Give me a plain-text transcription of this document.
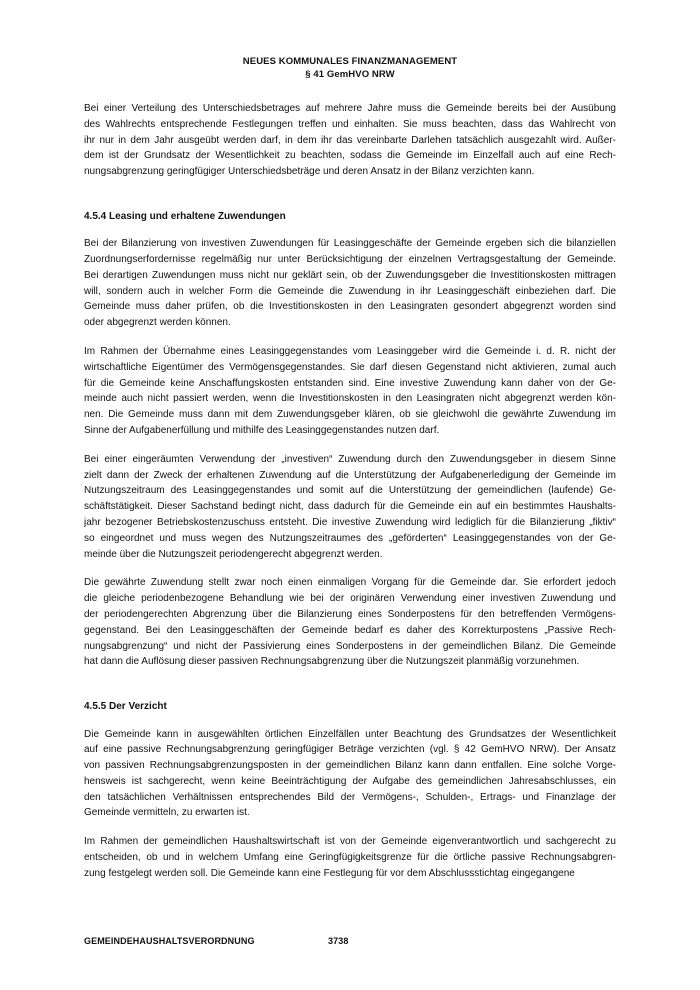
NEUES KOMMUNALES FINANZMANAGEMENT
§ 41 GemHVO NRW
Bei einer Verteilung des Unterschiedsbetrages auf mehrere Jahre muss die Gemeinde bereits bei der Ausübung
des Wahlrechts entsprechende Festlegungen treffen und einhalten. Sie muss beachten, dass das Wahlrecht von
ihr nur in dem Jahr ausgeübt werden darf, in dem ihr das vereinbarte Darlehen tatsächlich ausgezahlt wird. Außer-
dem ist der Grundsatz der Wesentlichkeit zu beachten, sodass die Gemeinde im Einzelfall auch auf eine Rech-
nungsabgrenzung geringfügiger Unterschiedsbeträge und deren Ansatz in der Bilanz verzichten kann.
4.5.4 Leasing und erhaltene Zuwendungen
Bei der Bilanzierung von investiven Zuwendungen für Leasinggeschäfte der Gemeinde ergeben sich die bilanziellen
Zuordnungserfordernisse regelmäßig nur unter Berücksichtigung der einzelnen Vertragsgestaltung der Gemeinde.
Bei derartigen Zuwendungen muss nicht nur geklärt sein, ob der Zuwendungsgeber die Investitionskosten mittragen
will, sondern auch in welcher Form die Gemeinde die Zuwendung in ihr Leasinggeschäft einbeziehen darf. Die
Gemeinde muss daher prüfen, ob die Investitionskosten in den Leasingraten gesondert abgegrenzt worden sind
oder abgegrenzt werden können.
Im Rahmen der Übernahme eines Leasinggegenstandes vom Leasinggeber wird die Gemeinde i. d. R. nicht der
wirtschaftliche Eigentümer des Vermögensgegenstandes. Sie darf diesen Gegenstand nicht aktivieren, zumal auch
für die Gemeinde keine Anschaffungskosten entstanden sind. Eine investive Zuwendung kann daher von der Ge-
meinde auch nicht passiert werden, wenn die Investitionskosten in den Leasingraten nicht abgegrenzt werden kön-
nen. Die Gemeinde muss dann mit dem Zuwendungsgeber klären, ob sie gleichwohl die gewährte Zuwendung im
Sinne der Aufgabenerfüllung und mithilfe des Leasinggegenstandes nutzen darf.
Bei einer eingeräumten Verwendung der „investiven“ Zuwendung durch den Zuwendungsgeber in diesem Sinne
zielt dann der Zweck der erhaltenen Zuwendung auf die Unterstützung der Aufgabenerledigung der Gemeinde im
Nutzungszeitraum des Leasinggegenstandes und somit auf die Unterstützung der gemeindlichen (laufende) Ge-
schäftstätigkeit. Dieser Sachstand bedingt nicht, dass dadurch für die Gemeinde ein auf ein bestimmtes Haushalts-
jahr bezogener Betriebskostenzuschuss entsteht. Die investive Zuwendung wird lediglich für die Bilanzierung „fiktiv“
so eingeordnet und muss wegen des Nutzungszeitraumes des „geförderten“ Leasinggegenstandes von der Ge-
meinde über die Nutzungszeit periodengerecht abgegrenzt werden.
Die gewährte Zuwendung stellt zwar noch einen einmaligen Vorgang für die Gemeinde dar. Sie erfordert jedoch
die gleiche periodenbezogene Behandlung wie bei der originären Verwendung einer investiven Zuwendung und
der periodengerechten Abgrenzung über die Bilanzierung eines Sonderpostens für den betreffenden Vermögens-
gegenstand. Bei den Leasinggeschäften der Gemeinde bedarf es daher des Korrekturpostens „Passive Rech-
nungsabgrenzung“ und nicht der Passivierung eines Sonderpostens in der gemeindlichen Bilanz. Die Gemeinde
hat dann die Auflösung dieser passiven Rechnungsabgrenzung über die Nutzungszeit planmäßig vorzunehmen.
4.5.5 Der Verzicht
Die Gemeinde kann in ausgewählten örtlichen Einzelfällen unter Beachtung des Grundsatzes der Wesentlichkeit
auf eine passive Rechnungsabgrenzung geringfügiger Beträge verzichten (vgl. § 42 GemHVO NRW). Der Ansatz
von passiven Rechnungsabgrenzungsposten in der gemeindlichen Bilanz kann dann entfallen. Eine solche Vorge-
hensweis ist sachgerecht, wenn keine Beeinträchtigung der Aufgabe des gemeindlichen Jahresabschlusses, ein
den tatsächlichen Verhältnissen entsprechendes Bild der Vermögens-, Schulden-, Ertrags- und Finanzlage der
Gemeinde vermitteln, zu erwarten ist.
Im Rahmen der gemeindlichen Haushaltswirtschaft ist von der Gemeinde eigenverantwortlich und sachgerecht zu
entscheiden, ob und in welchem Umfang eine Geringfügigkeitsgrenze für die örtliche passive Rechnungsabgren-
zung festgelegt werden soll. Die Gemeinde kann eine Festlegung für vor dem Abschlussstichtag eingegangene
GEMEINDEHAUSHALTSVERORDNUNG	3738
